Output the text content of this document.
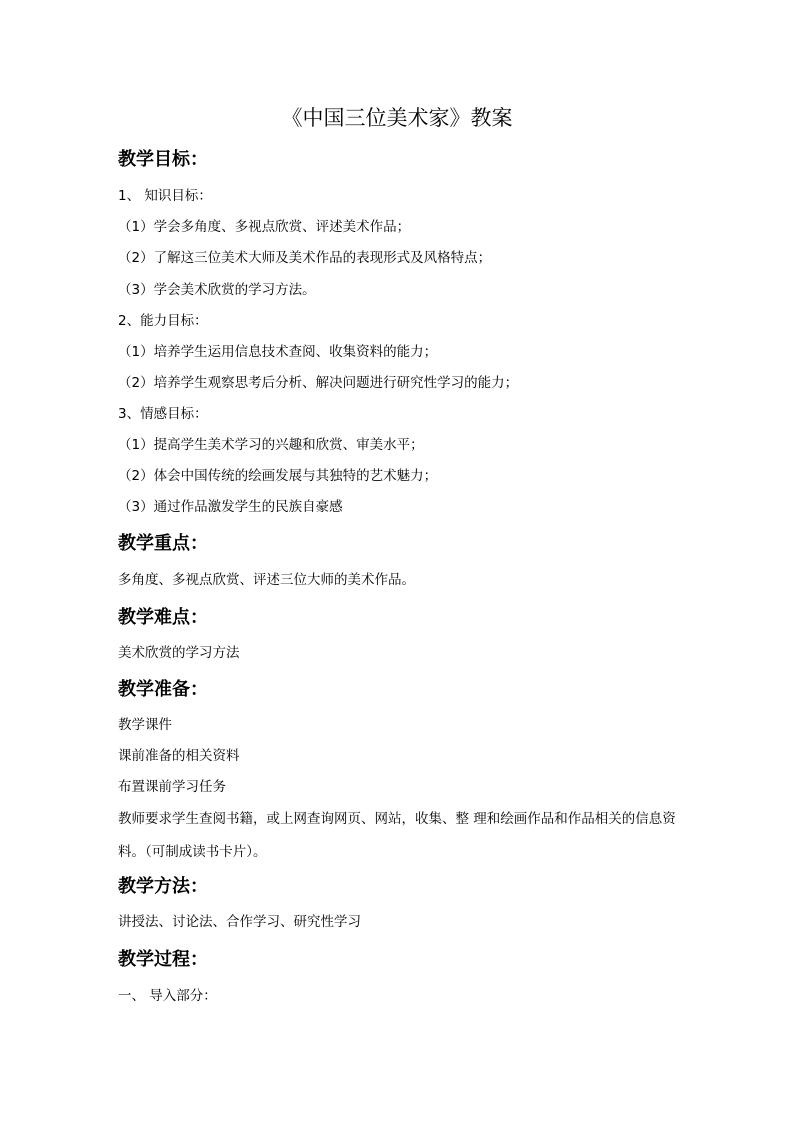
《中国三位美术家》教案
教学目标：
1、 知识目标：
（1）学会多角度、多视点欣赏、评述美术作品；
（2）了解这三位美术大师及美术作品的表现形式及风格特点；
（3）学会美术欣赏的学习方法。
2、能力目标：
（1）培养学生运用信息技术查阅、收集资料的能力；
（2）培养学生观察思考后分析、解决问题进行研究性学习的能力；
3、情感目标：
（1）提高学生美术学习的兴趣和欣赏、审美水平；
（2）体会中国传统的绘画发展与其独特的艺术魅力；
（3）通过作品激发学生的民族自豪感
教学重点：
多角度、多视点欣赏、评述三位大师的美术作品。
教学难点：
美术欣赏的学习方法
教学准备：
教学课件
课前准备的相关资料
布置课前学习任务
教师要求学生查阅书籍，或上网查询网页、网站，收集、整 理和绘画作品和作品相关的信息资料。（可制成读书卡片）。
教学方法：
讲授法、讨论法、合作学习、研究性学习
教学过程：
一、 导入部分：
